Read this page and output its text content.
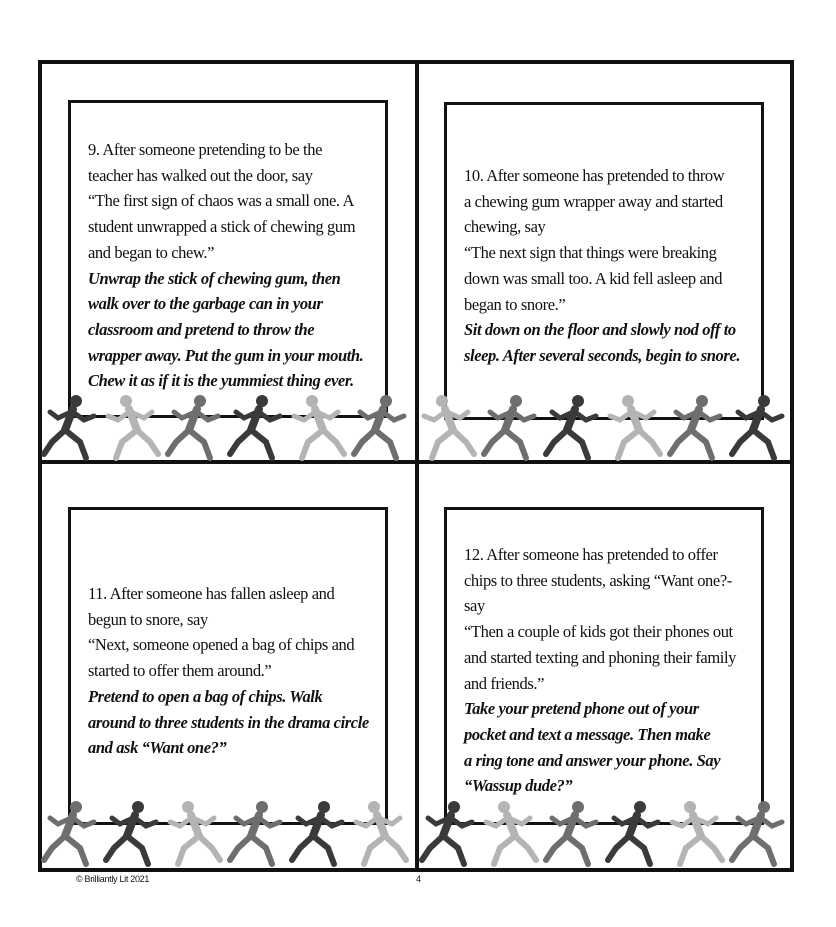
9. After someone pretending to be the
teacher has walked out the door, say
“The first sign of chaos was a small one. A
student unwrapped a stick of chewing gum
and began to chew.”
Unwrap the stick of chewing gum, then
walk over to the garbage can in your
classroom and pretend to throw the
wrapper away. Put the gum in your mouth.
Chew it as if it is the yummiest thing ever.
10. After someone has pretended to throw
a chewing gum wrapper away and started
chewing, say
“The next sign that things were breaking
down was small too. A kid fell asleep and
began to snore.”
Sit down on the floor and slowly nod off to
sleep. After several seconds, begin to snore.
11. After someone has fallen asleep and
begun to snore, say
“Next, someone opened a bag of chips and
started to offer them around.”
Pretend to open a bag of chips. Walk
around to three students in the drama circle
and ask “Want one?”
12. After someone has pretended to offer
chips to three students, asking “Want one?-
say
“Then a couple of kids got their phones out
and started texting and phoning their family
and friends.”
Take your pretend phone out of your
pocket and text a message. Then make
a ring tone and answer your phone. Say
“Wassup dude?”
© Brilliantly Lit 2021	4
